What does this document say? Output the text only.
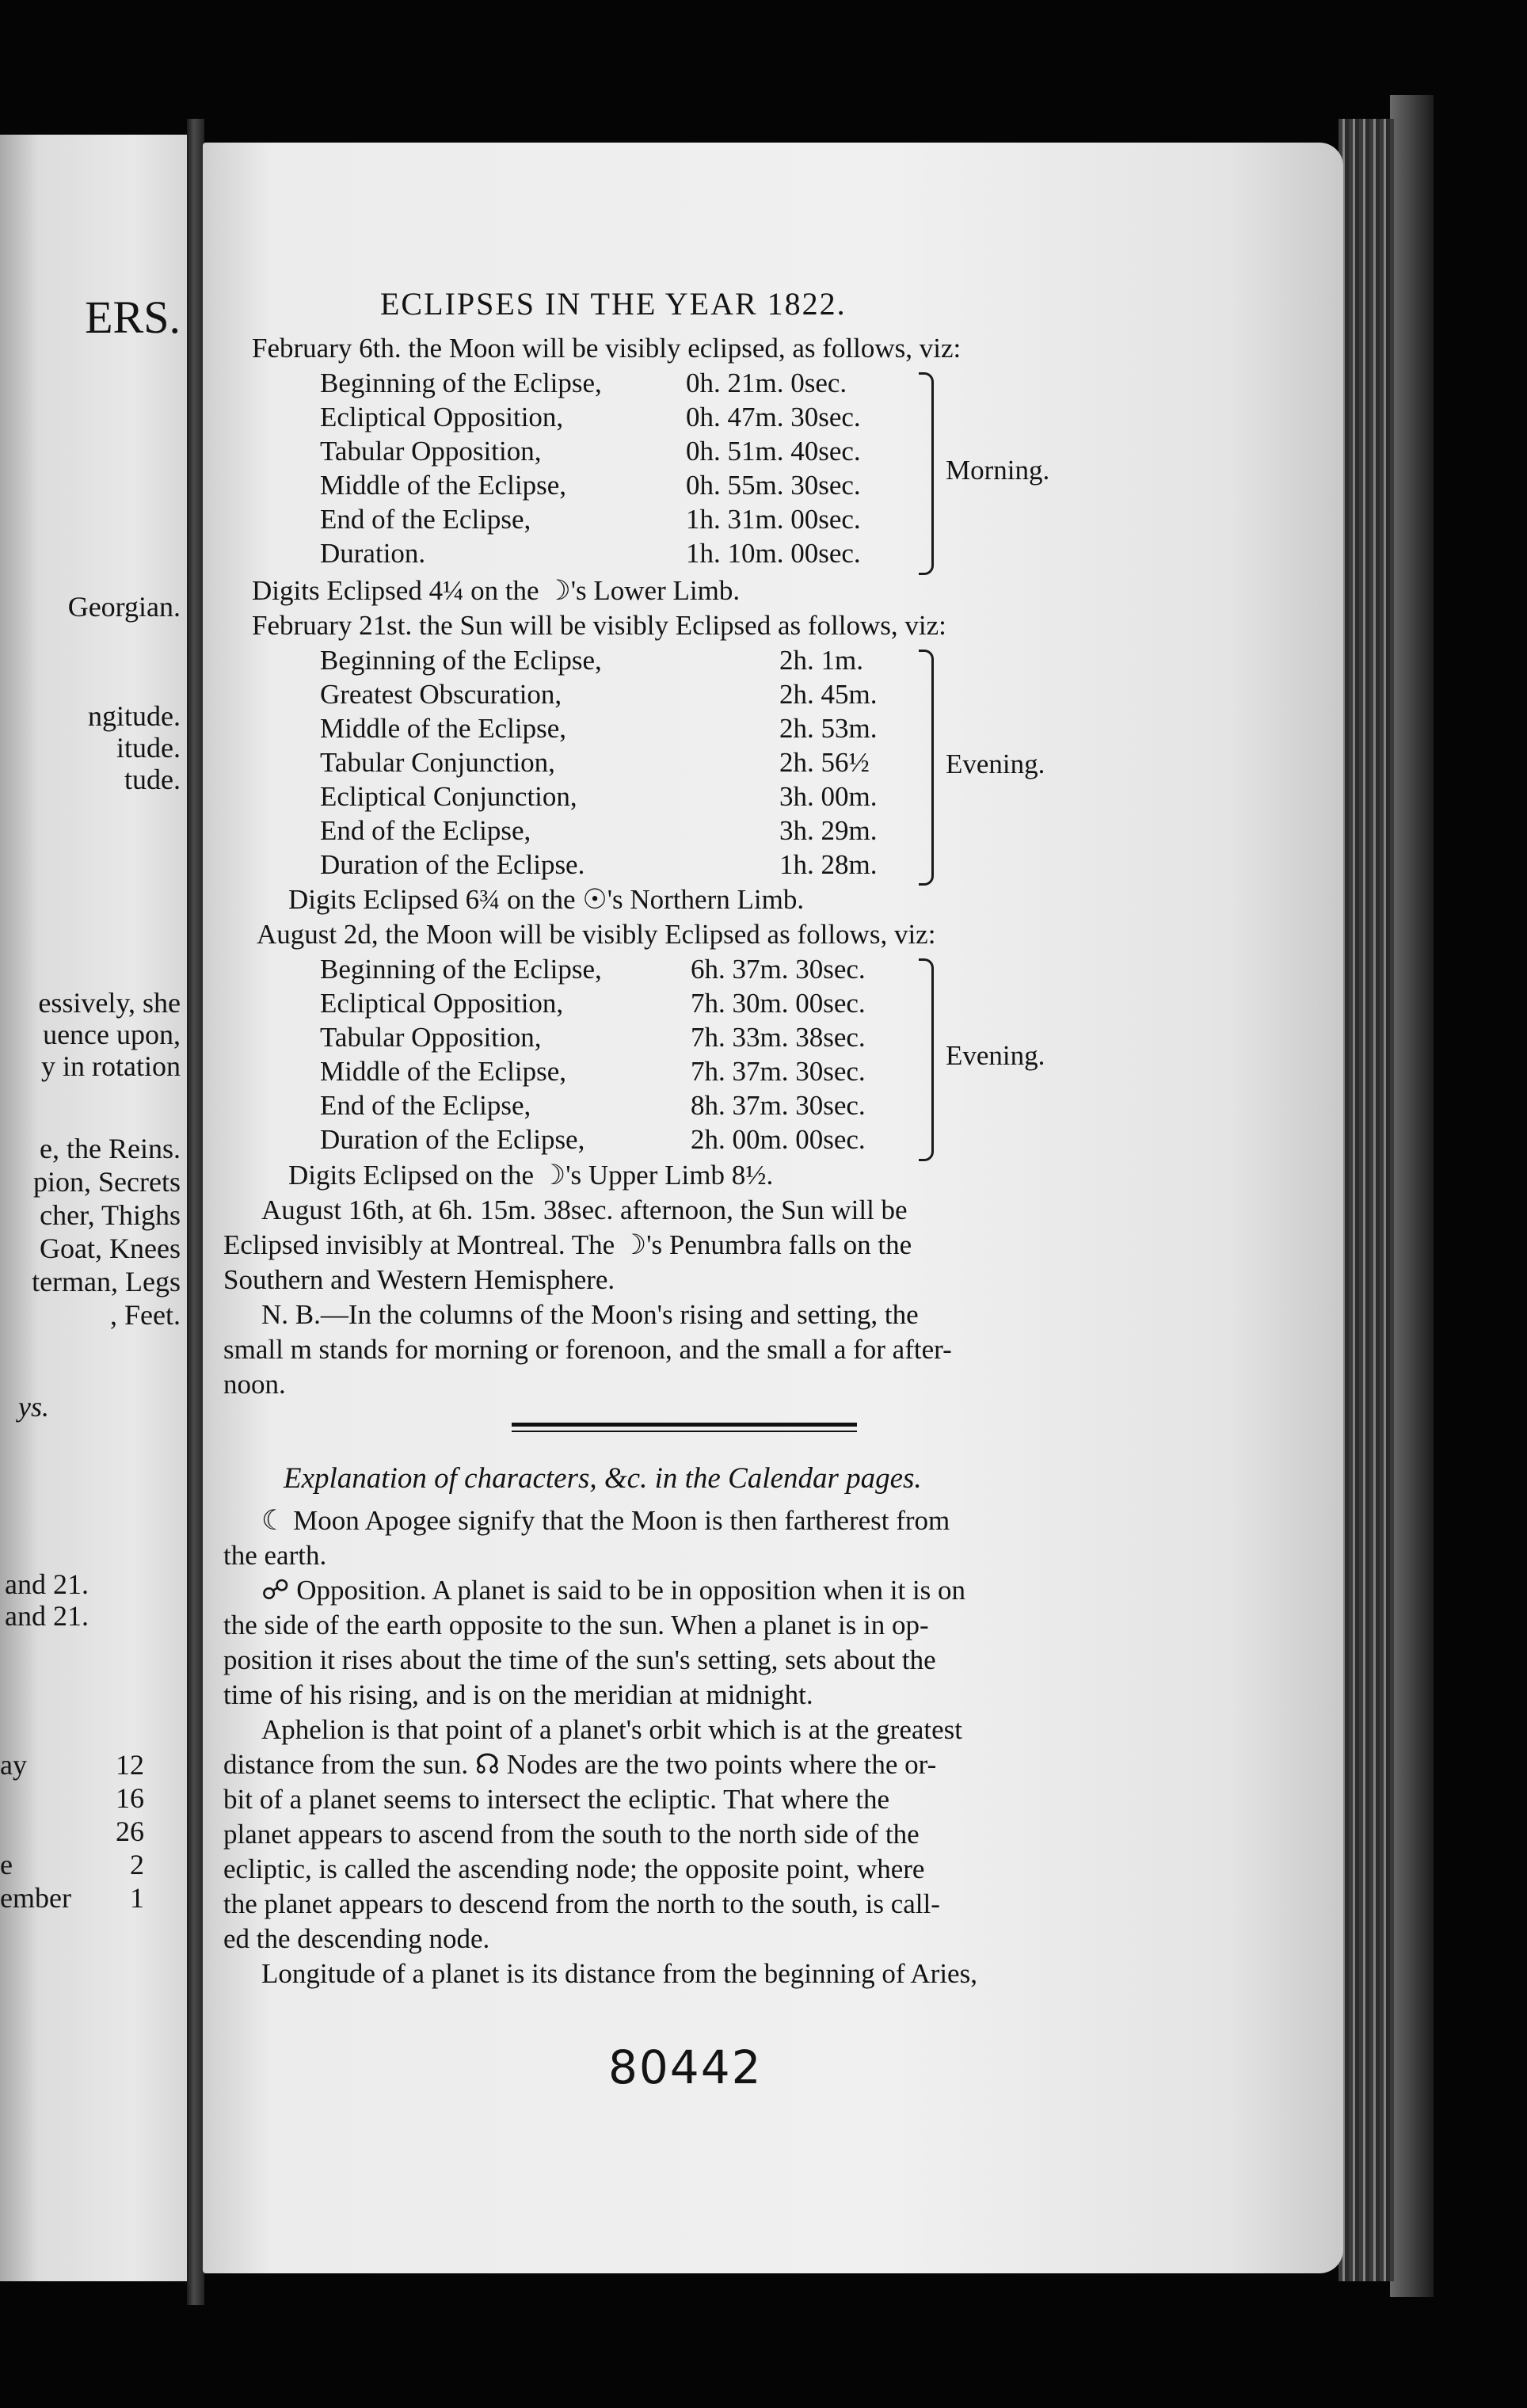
ERS.
Georgian.
ngitude.
itude.
tude.
essively, she
uence upon,
y in rotation
e, the Reins.
pion, Secrets
cher, Thighs
Goat, Knees
terman, Legs
, Feet.
ys.
and 21.
and 21.
ay	12
16
26
e	2
ember 1
ECLIPSES IN THE YEAR 1822.
February 6th. the Moon will be visibly eclipsed, as follows, viz:
Beginning of the Eclipse,	0h. 21m. 0sec.
Ecliptical Opposition,	0h. 47m. 30sec.
Tabular Opposition,	0h. 51m. 40sec.
Middle of the Eclipse,	0h. 55m. 30sec.
End of the Eclipse,	1h. 31m. 00sec.
Duration.	1h. 10m. 00sec.
Morning.
Digits Eclipsed 4¼ on the ☽'s Lower Limb.
February 21st. the Sun will be visibly Eclipsed as follows, viz:
Beginning of the Eclipse,	2h. 1m.
Greatest Obscuration,	2h. 45m.
Middle of the Eclipse,	2h. 53m.
Tabular Conjunction,	2h. 56½
Ecliptical Conjunction,	3h. 00m.
End of the Eclipse,	3h. 29m.
Duration of the Eclipse.	1h. 28m.
Evening.
Digits Eclipsed 6¾ on the ☉'s Northern Limb.
August 2d, the Moon will be visibly Eclipsed as follows, viz:
Beginning of the Eclipse,	6h. 37m. 30sec.
Ecliptical Opposition,	7h. 30m. 00sec.
Tabular Opposition,	7h. 33m. 38sec.
Middle of the Eclipse,	7h. 37m. 30sec.
End of the Eclipse,	8h. 37m. 30sec.
Duration of the Eclipse,	2h. 00m. 00sec.
Evening.
Digits Eclipsed on the ☽'s Upper Limb 8½.

August 16th, at 6h. 15m. 38sec. afternoon, the Sun will be

Eclipsed invisibly at Montreal. The ☽'s Penumbra falls on the

Southern and Western Hemisphere.

N. B.—In the columns of the Moon's rising and setting, the

small m stands for morning or forenoon, and the small a for after-

noon.

Explanation of characters, &c. in the Calendar pages.

☾ Moon Apogee signify that the Moon is then fartherest from

the earth.

☍ Opposition. A planet is said to be in opposition when it is on

the side of the earth opposite to the sun. When a planet is in op-

position it rises about the time of the sun's setting, sets about the

time of his rising, and is on the meridian at midnight.

Aphelion is that point of a planet's orbit which is at the greatest

distance from the sun. ☊ Nodes are the two points where the or-

bit of a planet seems to intersect the ecliptic. That where the

planet appears to ascend from the south to the north side of the

ecliptic, is called the ascending node; the opposite point, where

the planet appears to descend from the north to the south, is call-

ed the descending node.

Longitude of a planet is its distance from the beginning of Aries,

80442
